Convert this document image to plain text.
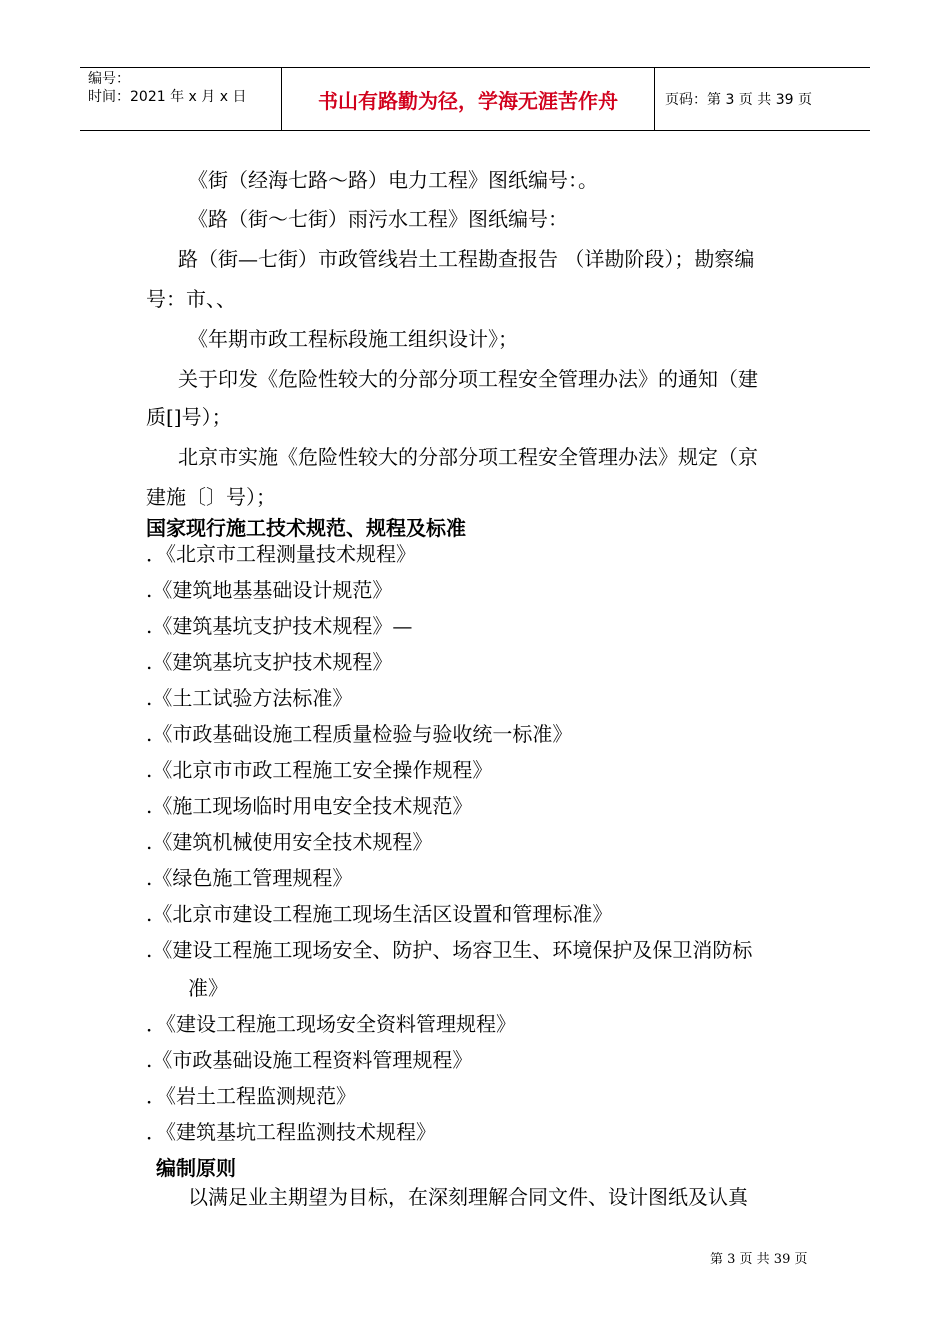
编号：
时间：2021 年 x 月 x 日	书山有路勤为径，学海无涯苦作舟	页码：第 3 页 共 39 页
《街（经海七路～路）电力工程》图纸编号：。
《路（街～七街）雨污水工程》图纸编号：
路（街—七街）市政管线岩土工程勘查报告 （详勘阶段）；勘察编
号：市、、
《年期市政工程标段施工组织设计》；
关于印发《危险性较大的分部分项工程安全管理办法》的通知（建
质[]号）；
北京市实施《危险性较大的分部分项工程安全管理办法》规定（京
建施〔〕号）；
国家现行施工技术规范、规程及标准
．《北京市工程测量技术规程》
.《建筑地基基础设计规范》
.《建筑基坑支护技术规程》—
.《建筑基坑支护技术规程》
.《土工试验方法标准》
.《市政基础设施工程质量检验与验收统一标准》
.《北京市市政工程施工安全操作规程》
.《施工现场临时用电安全技术规范》
.《建筑机械使用安全技术规程》
.《绿色施工管理规程》
.《北京市建设工程施工现场生活区设置和管理标准》
.《建设工程施工现场安全、防护、场容卫生、环境保护及保卫消防标
准》
．《建设工程施工现场安全资料管理规程》
.《市政基础设施工程资料管理规程》
．《岩土工程监测规范》
．《建筑基坑工程监测技术规程》
编制原则
以满足业主期望为目标，在深刻理解合同文件、设计图纸及认真
第 3 页 共 39 页
